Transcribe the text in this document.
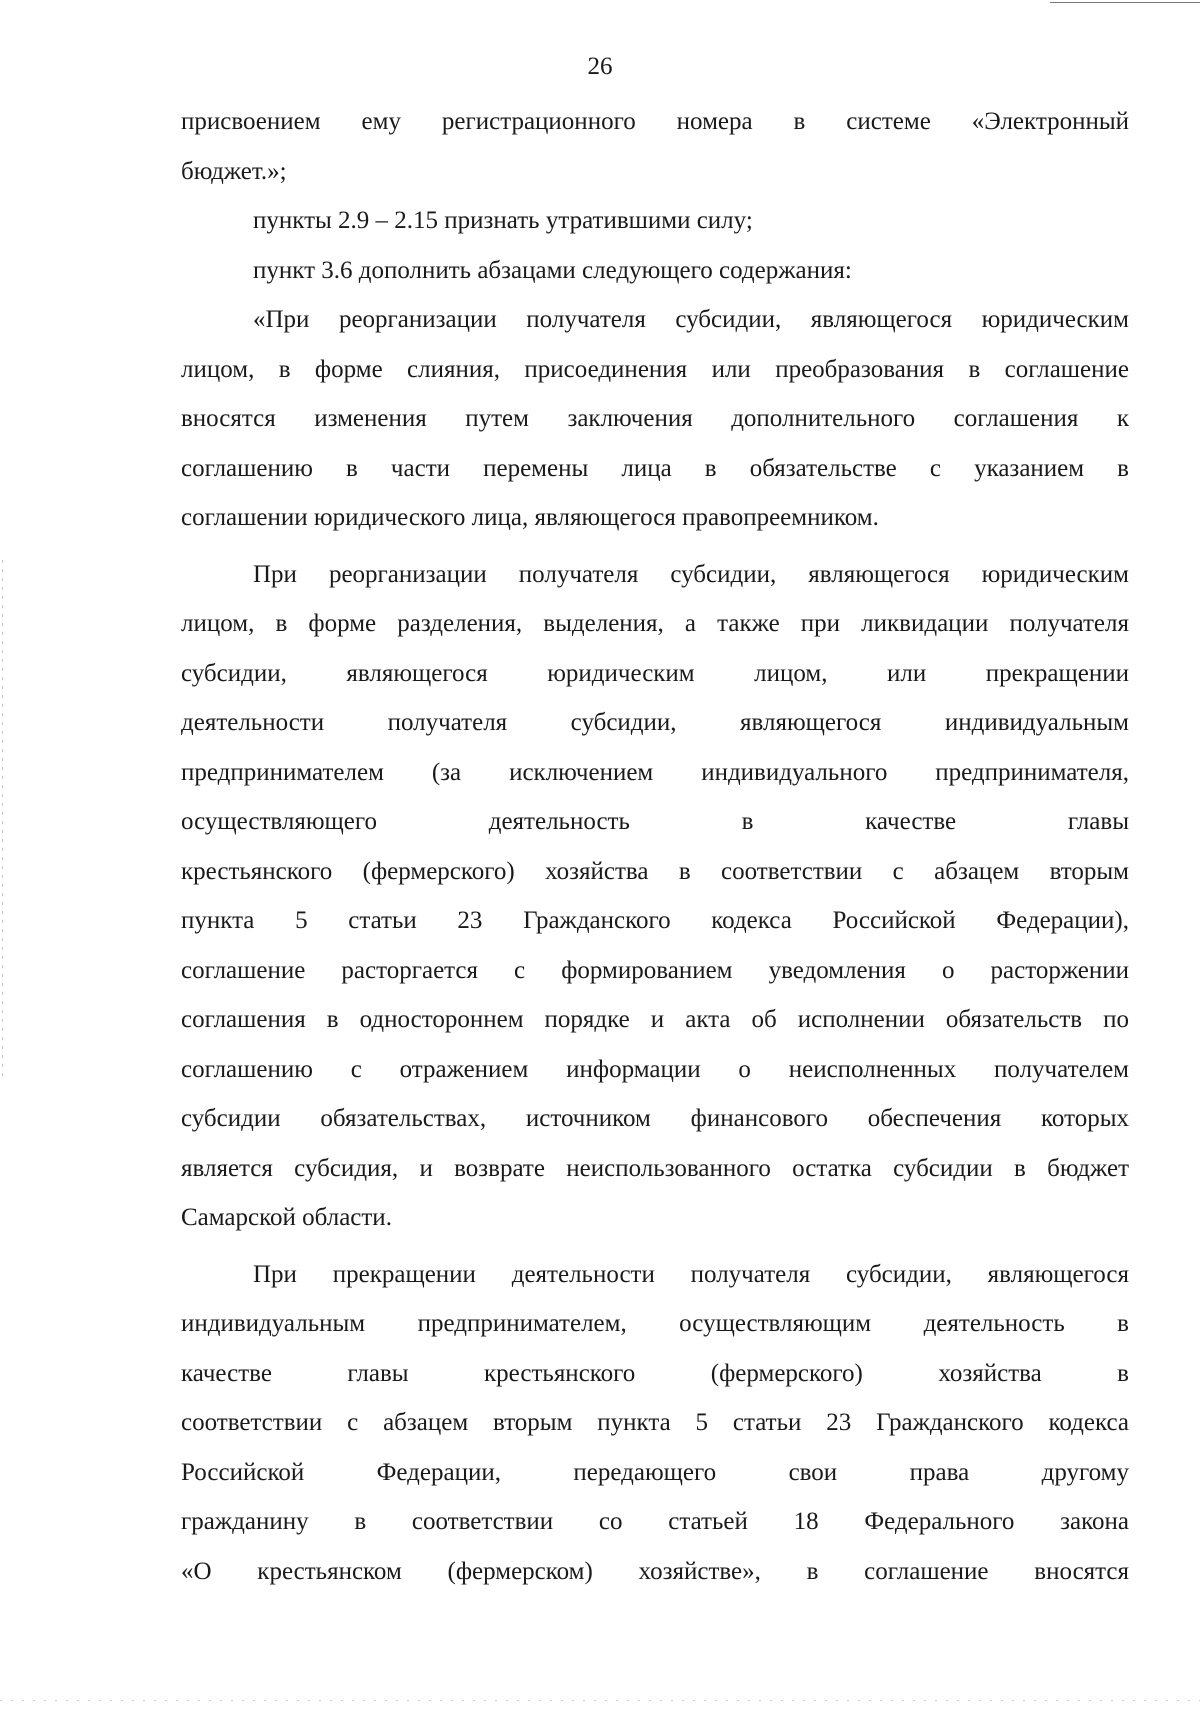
26
присвоением ему регистрационного номера в системе «Электронный
бюджет.»;
пункты 2.9 – 2.15 признать утратившими силу;
пункт 3.6 дополнить абзацами следующего содержания:
«При реорганизации получателя субсидии, являющегося юридическим
лицом, в форме слияния, присоединения или преобразования в соглашение
вносятся изменения путем заключения дополнительного соглашения к
соглашению в части перемены лица в обязательстве с указанием в
соглашении юридического лица, являющегося правопреемником.
При реорганизации получателя субсидии, являющегося юридическим
лицом, в форме разделения, выделения, а также при ликвидации получателя
субсидии, являющегося юридическим лицом, или прекращении
деятельности получателя субсидии, являющегося индивидуальным
предпринимателем (за исключением индивидуального предпринимателя,
осуществляющего деятельность в качестве главы
крестьянского (фермерского) хозяйства в соответствии с абзацем вторым
пункта 5 статьи 23 Гражданского кодекса Российской Федерации),
соглашение расторгается с формированием уведомления о расторжении
соглашения в одностороннем порядке и акта об исполнении обязательств по
соглашению с отражением информации о неисполненных получателем
субсидии обязательствах, источником финансового обеспечения которых
является субсидия, и возврате неиспользованного остатка субсидии в бюджет
Самарской области.
При прекращении деятельности получателя субсидии, являющегося
индивидуальным предпринимателем, осуществляющим деятельность в
качестве главы крестьянского (фермерского) хозяйства в
соответствии с абзацем вторым пункта 5 статьи 23 Гражданского кодекса
Российской Федерации, передающего свои права другому
гражданину в соответствии со статьей 18 Федерального закона
«О крестьянском (фермерском) хозяйстве», в соглашение вносятся
